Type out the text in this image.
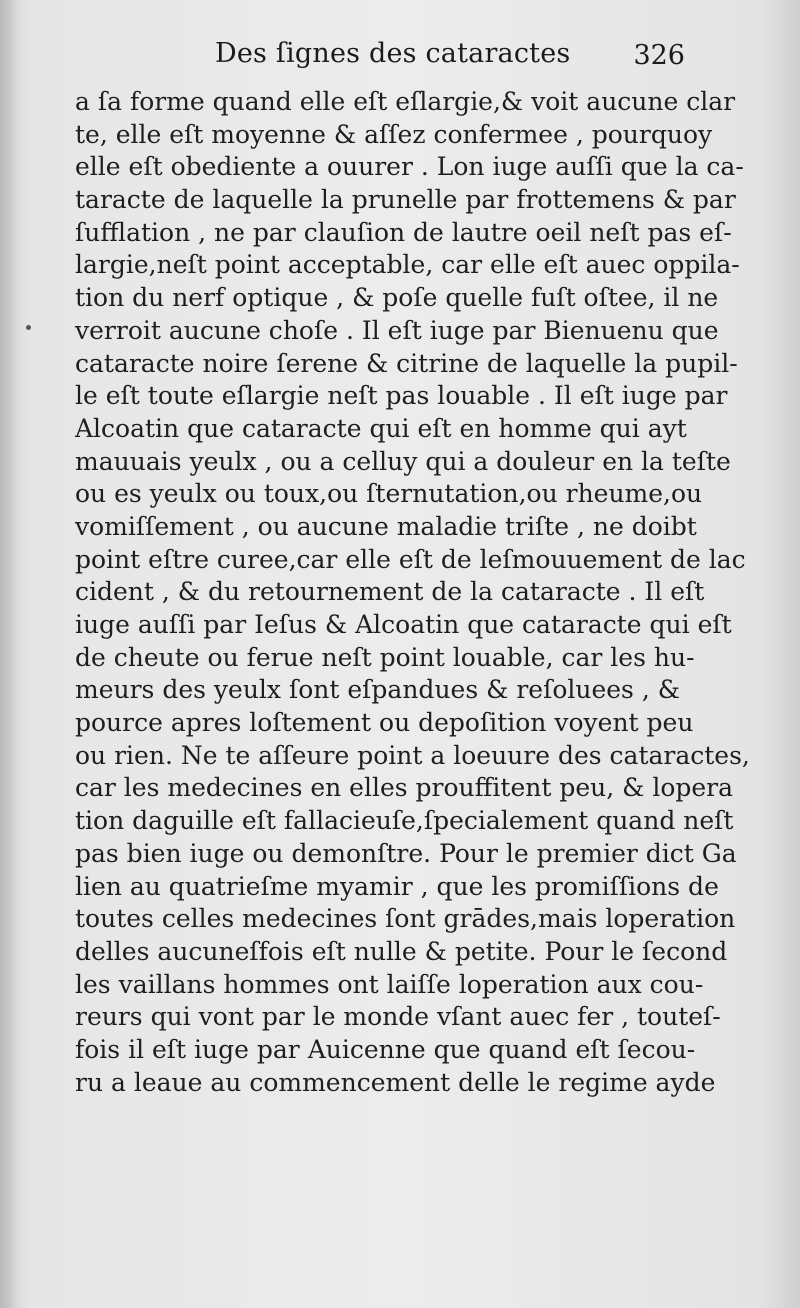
Des ſignes des cataractes 326
a ſa forme quand elle eſt eſlargie,& voit aucune clar
te, elle eſt moyenne & aſſez confermee , pourquoy
elle eſt obediente a ouurer . Lon iuge auſſi que la ca-
taracte de laquelle la prunelle par frottemens & par
ſufflation , ne par clauſion de lautre oeil neſt pas eſ-
largie,neſt point acceptable, car elle eſt auec oppila-
tion du nerf optique , & poſe quelle fuſt oſtee, il ne
verroit aucune choſe . Il eſt iuge par Bienuenu que
cataracte noire ſerene & citrine de laquelle la pupil-
le eſt toute eſlargie neſt pas louable . Il eſt iuge par
Alcoatin que cataracte qui eſt en homme qui ayt
mauuais yeulx , ou a celluy qui a douleur en la teſte
ou es yeulx ou toux,ou ſternutation,ou rheume,ou
vomiſſement , ou aucune maladie triſte , ne doibt
point eſtre curee,car elle eſt de leſmouuement de lac
cident , & du retournement de la cataracte . Il eſt
iuge auſſi par Ieſus & Alcoatin que cataracte qui eſt
de cheute ou ferue neſt point louable, car les hu-
meurs des yeulx ſont eſpandues & reſoluees , &
pource apres loſtement ou depoſition voyent peu
ou rien. Ne te aſſeure point a loeuure des cataractes,
car les medecines en elles prouffitent peu, & lopera
tion daguille eſt fallacieuſe,ſpecialement quand neſt
pas bien iuge ou demonſtre. Pour le premier dict Ga
lien au quatrieſme myamir , que les promiſſions de
toutes celles medecines ſont grādes,mais loperation
delles aucuneſfois eſt nulle & petite. Pour le ſecond
les vaillans hommes ont laiſſe loperation aux cou-
reurs qui vont par le monde vſant auec fer , touteſ-
fois il eſt iuge par Auicenne que quand eſt ſecou-
ru a leaue au commencement delle le regime ayde
